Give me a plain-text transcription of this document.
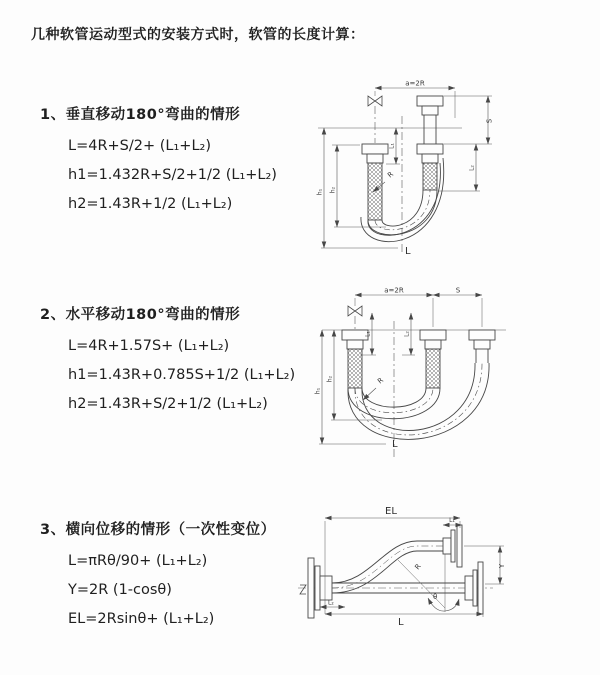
几种软管运动型式的安装方式时，软管的长度计算：
1、垂直移动180°弯曲的情形
L=4R+S/2+ (L₁+L₂)
h1=1.432R+S/2+1/2 (L₁+L₂)
h2=1.43R+1/2 (L₁+L₂)
a=2R
h₁ h₂
L₁
S
L₂
R
L
2、水平移动180°弯曲的情形
L=4R+1.57S+ (L₁+L₂)
h1=1.43R+0.785S+1/2 (L₁+L₂)
h2=1.43R+S/2+1/2 (L₁+L₂)
a=2R	S
h₁
h₂
L₁	L₂
R
L
3、横向位移的情形（一次性变位）
L=πRθ/90+ (L₁+L₂)
Y=2R (1-cosθ)
EL=2Rsinθ+ (L₁+L₂)
EL
L₁
Y
R
θ
L
L₂
